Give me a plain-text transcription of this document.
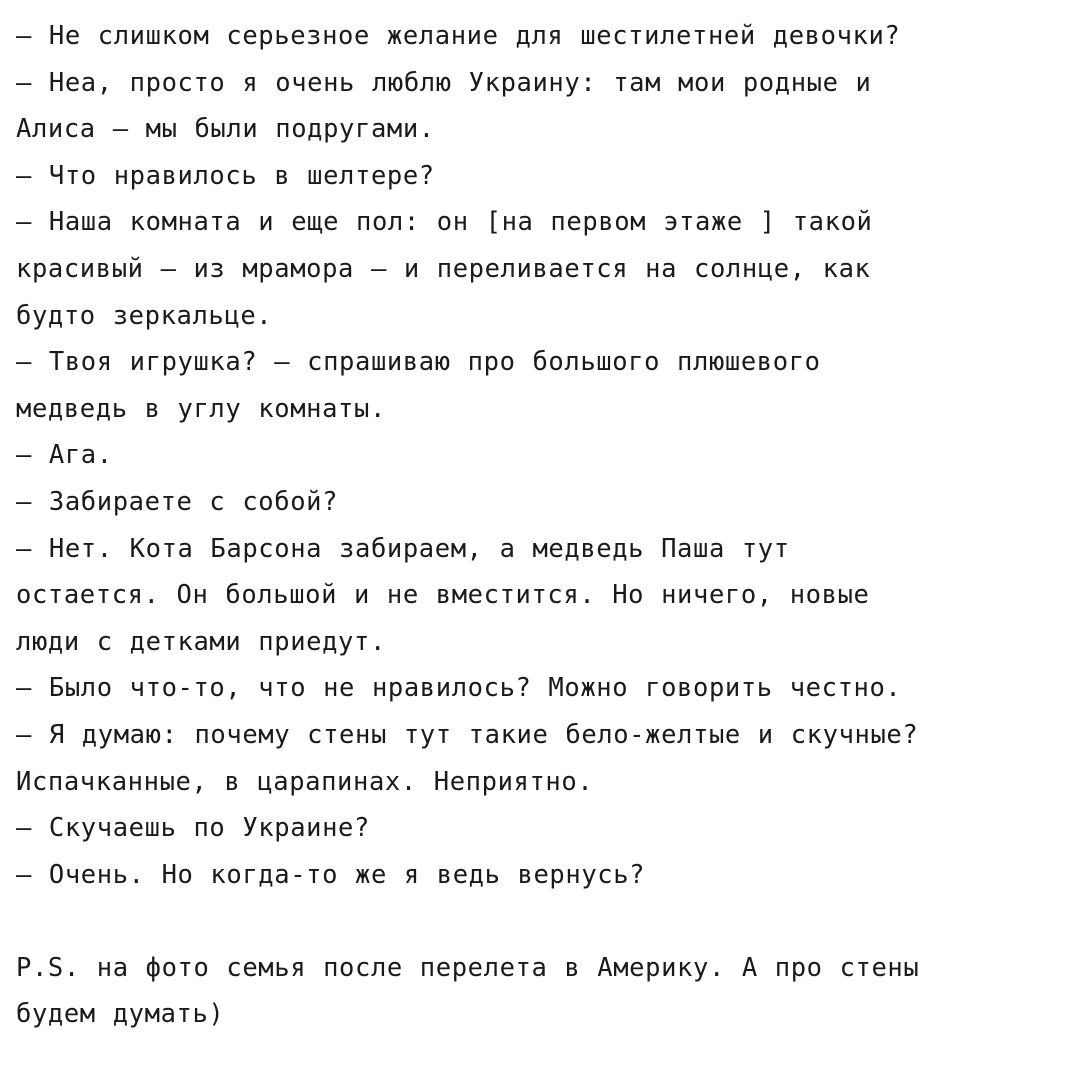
— Не слишком серьезное желание для шестилетней девочки?
— Неа, просто я очень люблю Украину: там мои родные и
Алиса — мы были подругами.
— Что нравилось в шелтере?
— Наша комната и еще пол: он [на первом этаже ] такой
красивый — из мрамора — и переливается на солнце, как
будто зеркальце.
— Твоя игрушка? — спрашиваю про большого плюшевого
медведь в углу комнаты.
— Ага.
— Забираете с собой?
— Нет. Кота Барсона забираем, а медведь Паша тут
остается. Он большой и не вместится. Но ничего, новые
люди с детками приедут.
— Было что-то, что не нравилось? Можно говорить честно.
— Я думаю: почему стены тут такие бело-желтые и скучные?
Испачканные, в царапинах. Неприятно.
— Скучаешь по Украине?
— Очень. Но когда-то же я ведь вернусь?
P.S. на фото семья после перелета в Америку. А про стены
будем думать)
